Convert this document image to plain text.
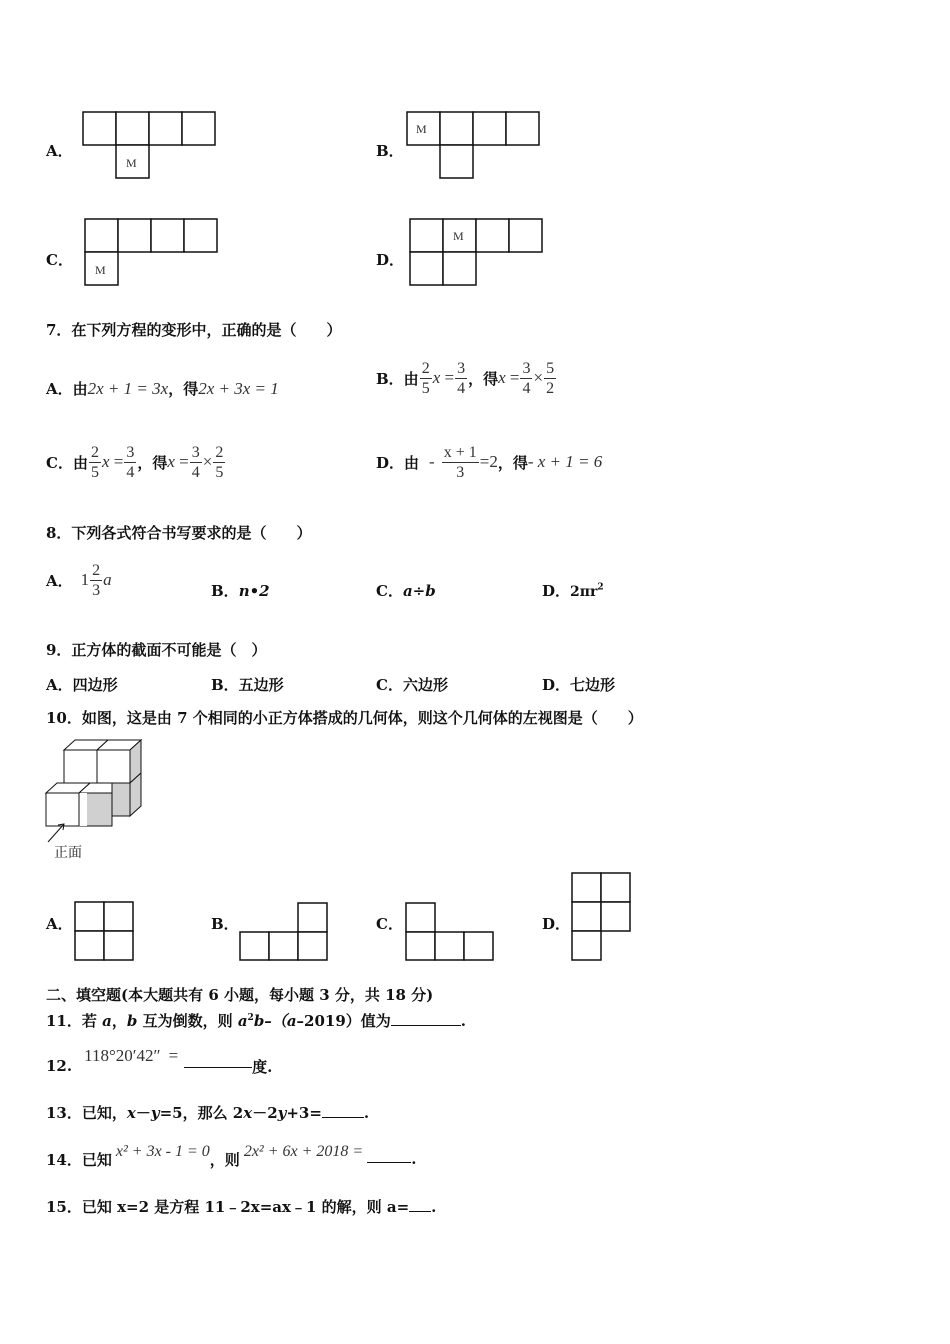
A．
M
B．
M
C．
M
D．
M
7．在下列方程的变形中，正确的是（　　）
A．由2x + 1 = 3x，得2x + 3x = 1
B．由 $\frac{2}{5}$ x
= $\frac{3}{4}$ ，得 x
= $\frac{3}{4} \times \frac{5}{2}$
C．由 $\frac{2}{5}$ x
= $\frac{3}{4}$ ，得 x
= $\frac{3}{4} \times \frac{2}{5}$	D．由 - $\frac{x + 1}{3} = 2$ ，得 - x + 1 = 6
8．下列各式符合书写要求的是（　　）
A． $1 \frac{2}{3}$ a
B．n•2	C．a÷b	D．$2\pi r^2$
9．正方体的截面不可能是（　）
A．四边形	B．五边形	C．六边形	D．七边形
10．如图，这是由 7 个相同的小正方体搭成的几何体，则这个几何体的左视图是（　　）
正面
A．	B．	C．	D．
二、填空题(本大题共有 6 小题，每小题 3 分，共 18 分)
11．若 a，b 互为倒数，则 $a^2b-(a-2019)$值为	.
12.
118°20′42″ =
度.
13．已知，x－y=5，那么 2x－2y+3=	.
14．已知 x² + 3x - 1 = 0 ，则 2x² + 6x + 2018 =	.
15．已知 x=2 是方程 11﹣2x=ax﹣1 的解，则 a= .
